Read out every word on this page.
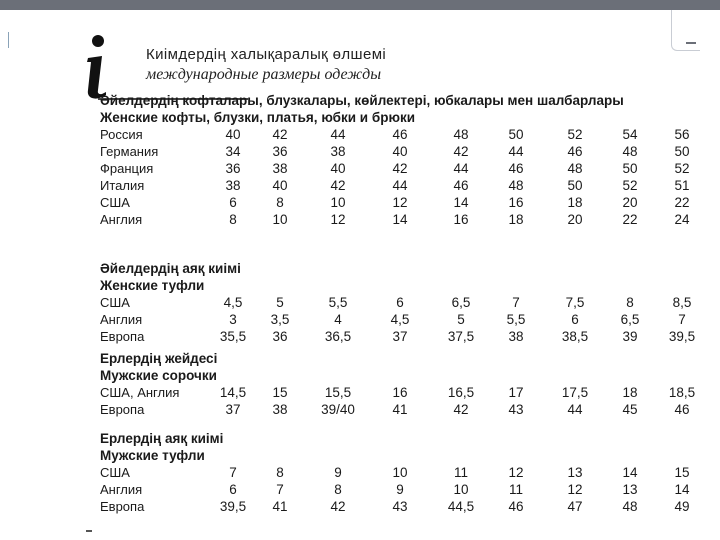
Киімдердің халықаралық өлшемі
международные размеры одежды
Әйелдердің кофталары, блузкалары, көйлектері, юбкалары мен шалбарлары
Женские кофты, блузки, платья, юбки и брюки
Россия	40	42	44	46	48	50	52	54	56
Германия	34	36	38	40	42	44	46	48	50
Франция	36	38	40	42	44	46	48	50	52
Италия	38	40	42	44	46	48	50	52	51
США	6	8	10	12	14	16	18	20	22
Англия	8	10	12	14	16	18	20	22	24
Әйелдердің аяқ киімі
Женские туфли
США	4,5	5	5,5	6	6,5	7	7,5	8	8,5
Англия	3	3,5	4	4,5	5	5,5	6	6,5	7
Европа	35,5	36	36,5	37	37,5	38	38,5	39	39,5
Ерлердің жейдесі
Мужские сорочки
США, Англия	14,5	15	15,5	16	16,5	17	17,5	18	18,5
Европа	37	38	39/40	41	42	43	44	45	46
Ерлердің аяқ киімі
Мужские туфли
США	7	8	9	10	11	12	13	14	15
Англия	6	7	8	9	10	11	12	13	14
Европа	39,5	41	42	43	44,5	46	47	48	49
